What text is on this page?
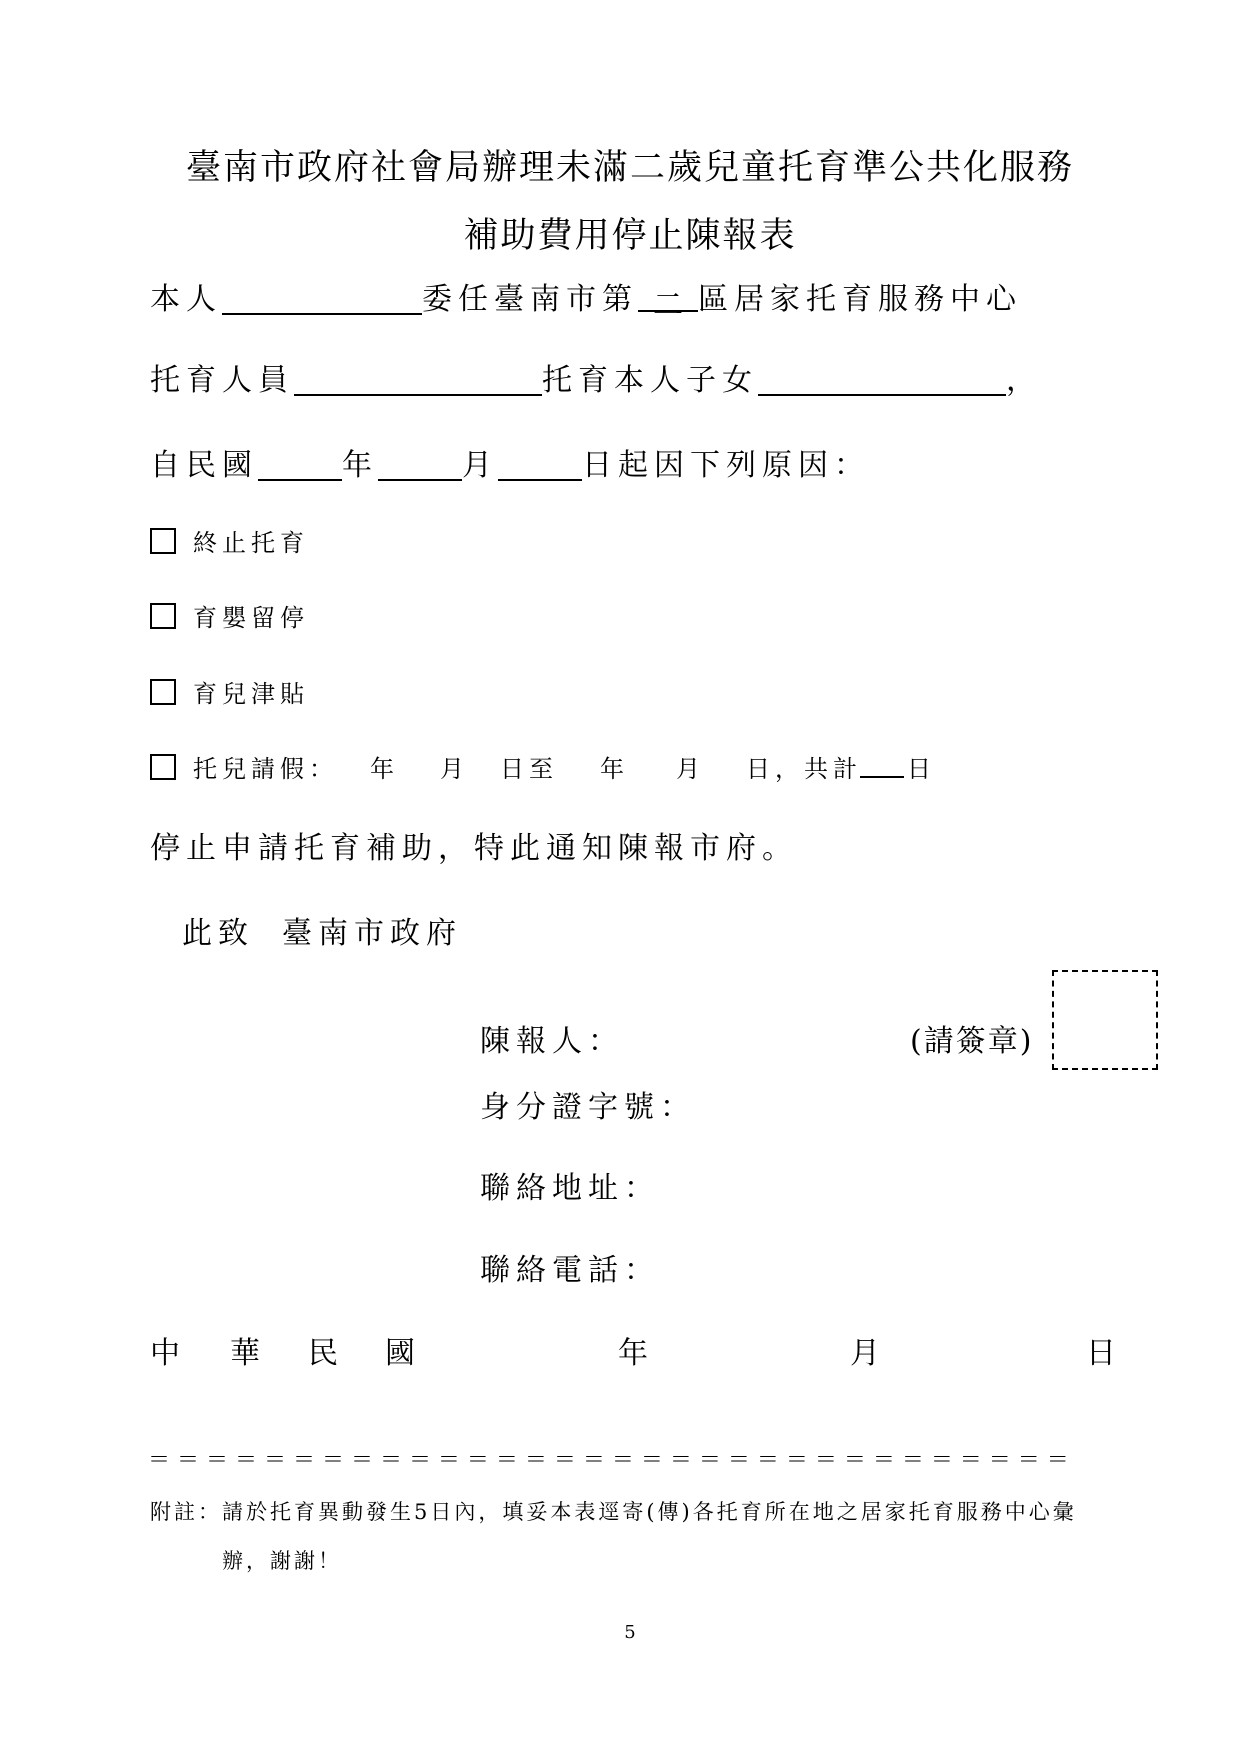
臺南市政府社會局辦理未滿二歲兒童托育準公共化服務
補助費用停止陳報表
本人	委任臺南市第 二 區居家托育服務中心
托育人員	托育本人子女	，
自民國	年	月	日起因下列原因：
終止托育
育嬰留停
育兒津貼
托兒請假： 年 月 日至 年 月 日，共計 日
停止申請托育補助，特此通知陳報市府。
此致 臺南市政府
陳報人：	(請簽章)
身分證字號：
聯絡地址：
聯絡電話：
中 華 民 國	年	月	日
＝ ＝ ＝ ＝ ＝ ＝ ＝ ＝ ＝ ＝ ＝ ＝ ＝ ＝ ＝ ＝ ＝ ＝ ＝ ＝ ＝ ＝ ＝ ＝ ＝ ＝ ＝ ＝ ＝ ＝ ＝ ＝
附註：請於托育異動發生5日內，填妥本表逕寄(傳)各托育所在地之居家托育服務中心彙
辦，謝謝！
5
